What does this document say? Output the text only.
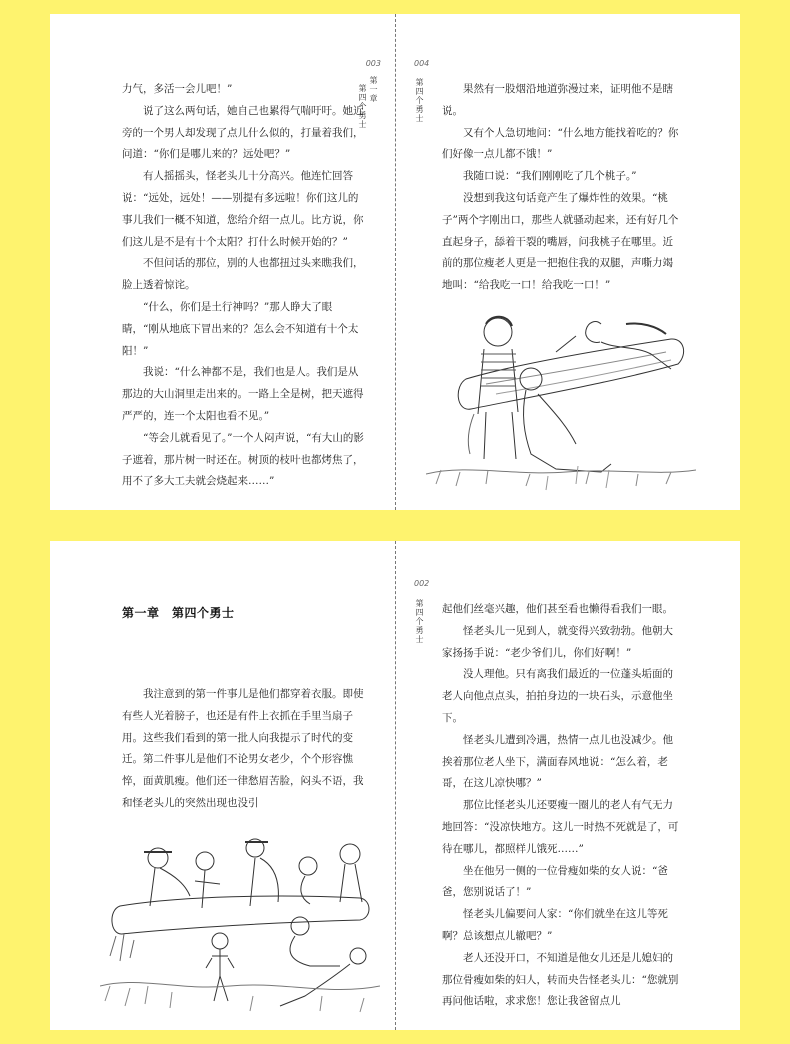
003
第一章
第四个勇士

力气，多活一会儿吧！”

说了这么两句话，她自己也累得气喘吁吁。她近旁的一个男人却发现了点儿什么似的，打量着我们，问道：“你们是哪儿来的？远处吧？”

有人摇摇头，怪老头儿十分高兴。他连忙回答说：“远处，远处！——别提有多远啦！你们这儿的事儿我们一概不知道，您给介绍一点儿。比方说，你们这儿是不是有十个太阳？打什么时候开始的？”

不但问话的那位，别的人也都扭过头来瞧我们，脸上透着惊诧。

“什么，你们是土行神吗？”那人睁大了眼睛，“刚从地底下冒出来的？怎么会不知道有十个太阳！”

我说：“什么神都不是，我们也是人。我们是从那边的大山洞里走出来的。一路上全是树，把天遮得严严的，连一个太阳也看不见。”

“等会儿就看见了。”一个人闷声说，“有大山的影子遮着，那片树一时还在。树顶的枝叶也都烤焦了，用不了多大工夫就会烧起来……”

004
第四个勇士	果然有一股烟沿地道弥漫过来，证明他不是瞎说。

又有个人急切地问：“什么地方能找着吃的？你们好像一点儿都不饿！”

我随口说：“我们刚刚吃了几个桃子。”

没想到我这句话竟产生了爆炸性的效果。“桃子”两个字刚出口，那些人就骚动起来，还有好几个直起身子，舔着干裂的嘴唇，问我桃子在哪里。近前的那位瘦老人更是一把抱住我的双腿，声嘶力竭地叫：“给我吃一口！给我吃一口！”

第一章　第四个勇士

我注意到的第一件事儿是他们都穿着衣服。即使有些人光着膀子，也还是有件上衣抓在手里当扇子用。这些我们看到的第一批人向我提示了时代的变迁。第二件事儿是他们不论男女老少，个个形容憔悴，面黄肌瘦。他们还一律愁眉苦脸，闷头不语，我和怪老头儿的突然出现也没引

002
第四个勇士 起他们丝毫兴趣，他们甚至看也懒得看我们一眼。

怪老头儿一见到人，就变得兴致勃勃。他朝大家扬扬手说：“老少爷们儿，你们好啊！”

没人理他。只有离我们最近的一位蓬头垢面的老人向他点点头，拍拍身边的一块石头，示意他坐下。

怪老头儿遭到冷遇，热情一点儿也没减少。他挨着那位老人坐下，满面春风地说：“怎么着，老哥，在这儿凉快哪？”

那位比怪老头儿还要瘦一圈儿的老人有气无力地回答：“没凉快地方。这儿一时热不死就是了，可待在哪儿，都照样儿饿死……”

坐在他另一侧的一位骨瘦如柴的女人说：“爸爸，您别说话了！”

怪老头儿偏要问人家：“你们就坐在这儿等死啊？总该想点儿辙吧？”

老人还没开口，不知道是他女儿还是儿媳妇的那位骨瘦如柴的妇人，转而央告怪老头儿：“您就别再问他话啦，求求您！您让我爸留点儿
